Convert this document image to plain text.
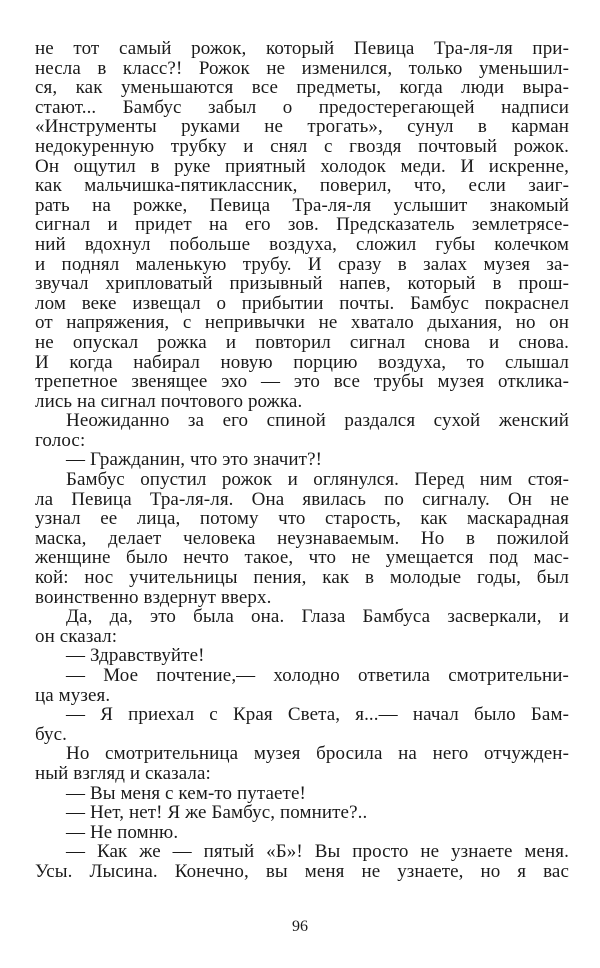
не тот самый рожок, который Певица Тра-ля-ля при-
несла в класс?! Рожок не изменился, только уменьшил-
ся, как уменьшаются все предметы, когда люди выра-
стают... Бамбус забыл о предостерегающей надписи
«Инструменты руками не трогать», сунул в карман
недокуренную трубку и снял с гвоздя почтовый рожок.
Он ощутил в руке приятный холодок меди. И искренне,
как мальчишка-пятиклассник, поверил, что, если заиг-
рать на рожке, Певица Тра-ля-ля услышит знакомый
сигнал и придет на его зов. Предсказатель землетрясе-
ний вдохнул побольше воздуха, сложил губы колечком
и поднял маленькую трубу. И сразу в залах музея за-
звучал хрипловатый призывный напев, который в прош-
лом веке извещал о прибытии почты. Бамбус покраснел
от напряжения, с непривычки не хватало дыхания, но он
не опускал рожка и повторил сигнал снова и снова.
И когда набирал новую порцию воздуха, то слышал
трепетное звенящее эхо — это все трубы музея отклика-
лись на сигнал почтового рожка.
Неожиданно за его спиной раздался сухой женский
голос:
— Гражданин, что это значит?!
Бамбус опустил рожок и оглянулся. Перед ним стоя-
ла Певица Тра-ля-ля. Она явилась по сигналу. Он не
узнал ее лица, потому что старость, как маскарадная
маска, делает человека неузнаваемым. Но в пожилой
женщине было нечто такое, что не умещается под мас-
кой: нос учительницы пения, как в молодые годы, был
воинственно вздернут вверх.
Да, да, это была она. Глаза Бамбуса засверкали, и
он сказал:
— Здравствуйте!
— Мое почтение,— холодно ответила смотрительни-
ца музея.
— Я приехал с Края Света, я...— начал было Бам-
бус.
Но смотрительница музея бросила на него отчужден-
ный взгляд и сказала:
— Вы меня с кем-то путаете!
— Нет, нет! Я же Бамбус, помните?..
— Не помню.
— Как же — пятый «Б»! Вы просто не узнаете меня.
Усы. Лысина. Конечно, вы меня не узнаете, но я вас
96
